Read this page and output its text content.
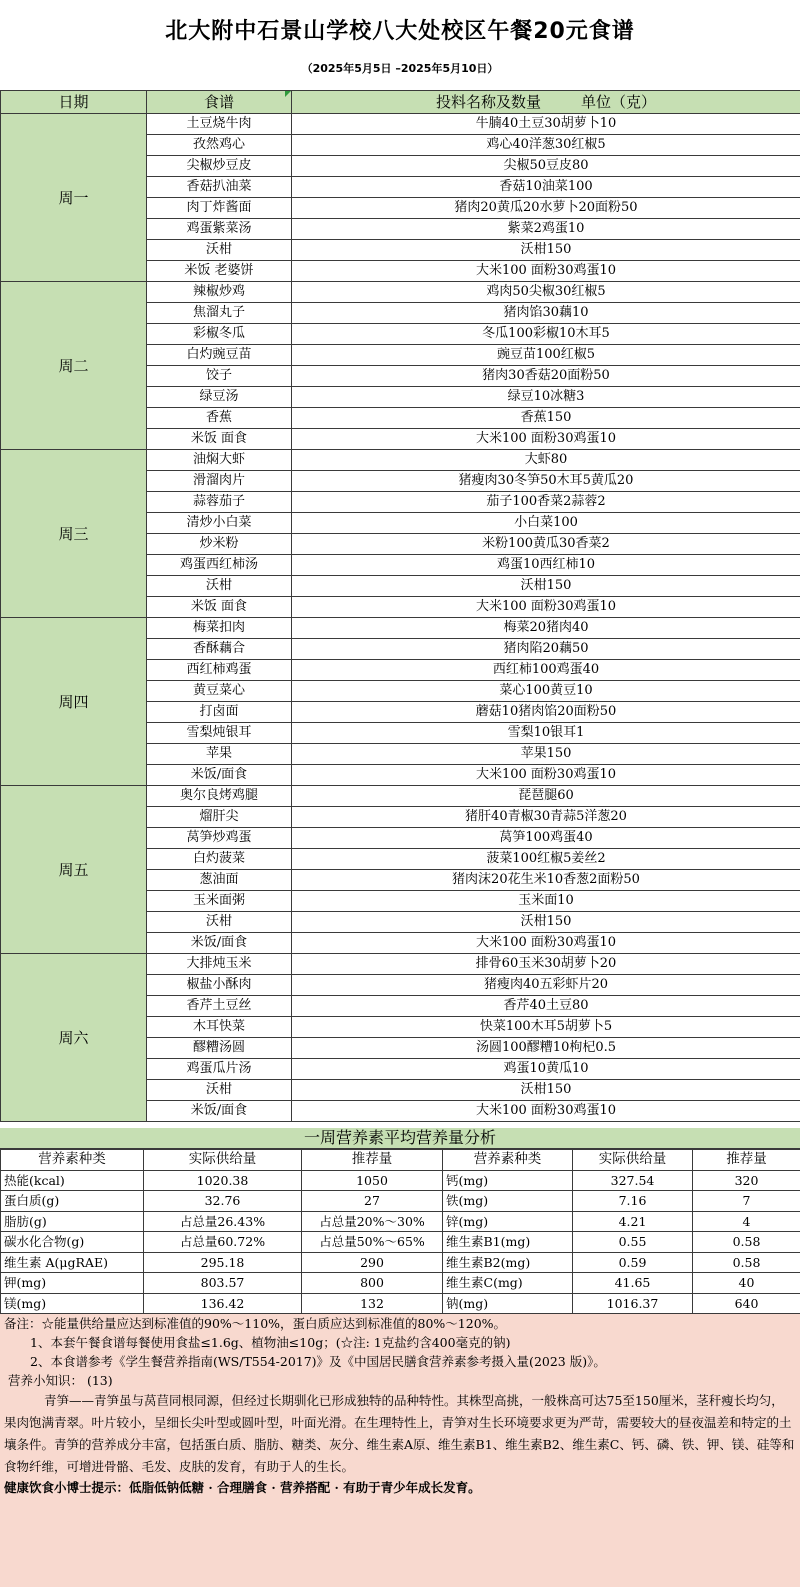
北大附中石景山学校八大处校区午餐20元食谱
（2025年5月5日 –2025年5月10日）
日期	食谱	投料名称及数量 单位（克）
周一	土豆烧牛肉	牛腩40土豆30胡萝卜10
	孜然鸡心	鸡心40洋葱30红椒5
	尖椒炒豆皮	尖椒50豆皮80
	香菇扒油菜	香菇10油菜100
	肉丁炸酱面	猪肉20黄瓜20水萝卜20面粉50
	鸡蛋紫菜汤	紫菜2鸡蛋10
	沃柑	沃柑150
	米饭 老婆饼	大米100 面粉30鸡蛋10
周二	辣椒炒鸡	鸡肉50尖椒30红椒5
	焦溜丸子	猪肉馅30藕10
	彩椒冬瓜	冬瓜100彩椒10木耳5
	白灼豌豆苗	豌豆苗100红椒5
	饺子	猪肉30香菇20面粉50
	绿豆汤	绿豆10冰糖3
	香蕉	香蕉150
	米饭 面食	大米100 面粉30鸡蛋10
周三	油焖大虾	大虾80
	滑溜肉片	猪瘦肉30冬笋50木耳5黄瓜20
	蒜蓉茄子	茄子100香菜2蒜蓉2
	清炒小白菜	小白菜100
	炒米粉	米粉100黄瓜30香菜2
	鸡蛋西红柿汤	鸡蛋10西红柿10
	沃柑	沃柑150
	米饭 面食	大米100 面粉30鸡蛋10
周四	梅菜扣肉	梅菜20猪肉40
	香酥藕合	猪肉陷20藕50
	西红柿鸡蛋	西红柿100鸡蛋40
	黄豆菜心	菜心100黄豆10
	打卤面	蘑菇10猪肉馅20面粉50
	雪梨炖银耳	雪梨10银耳1
	苹果	苹果150
	米饭/面食	大米100 面粉30鸡蛋10
周五	奥尔良烤鸡腿	琵琶腿60
	熘肝尖	猪肝40青椒30青蒜5洋葱20
	莴笋炒鸡蛋	莴笋100鸡蛋40
	白灼菠菜	菠菜100红椒5姜丝2
	葱油面	猪肉沫20花生米10香葱2面粉50
	玉米面粥	玉米面10
	沃柑	沃柑150
	米饭/面食	大米100 面粉30鸡蛋10
周六	大排炖玉米	排骨60玉米30胡萝卜20
	椒盐小酥肉	猪瘦肉40五彩虾片20
	香芹土豆丝	香芹40土豆80
	木耳快菜	快菜100木耳5胡萝卜5
	醪糟汤圆	汤圆100醪糟10枸杞0.5
	鸡蛋瓜片汤	鸡蛋10黄瓜10
	沃柑	沃柑150
	米饭/面食	大米100 面粉30鸡蛋10
一周营养素平均营养量分析
营养素种类	实际供给量	推荐量	营养素种类	实际供给量	推荐量
热能(kcal)	1020.38	1050	钙(mg)	327.54	320
蛋白质(g)	32.76	27	铁(mg)	7.16	7
脂肪(g)	占总量26.43%	占总量20%～30%	锌(mg)	4.21	4
碳水化合物(g)	占总量60.72%	占总量50%～65%	维生素B1(mg)	0.55	0.58
维生素 A(μgRAE)	295.18	290	维生素B2(mg)	0.59	0.58
钾(mg)	803.57	800	维生素C(mg)	41.65	40
镁(mg)	136.42	132	钠(mg)	1016.37	640

备注：☆能量供给量应达到标准值的90%～110%，蛋白质应达到标准值的80%～120%。

1、本套午餐食谱每餐使用食盐≤1.6g、植物油≤10g；(☆注: 1克盐约含400毫克的钠)

2、本食谱参考《学生餐营养指南(WS/T554-2017)》及《中国居民膳食营养素参考摄入量(2023 版)》。

营养小知识： (13)

青笋——青笋虽与莴苣同根同源，但经过长期驯化已形成独特的品种特性。其株型高挑，一般株高可达75至150厘米，茎秆瘦长均匀，果肉饱满青翠。叶片较小，呈细长尖叶型或圆叶型，叶面光滑。在生理特性上，青笋对生长环境要求更为严苛，需要较大的昼夜温差和特定的土壤条件。青笋的营养成分丰富，包括蛋白质、脂肪、糖类、灰分、维生素A原、维生素B1、维生素B2、维生素C、钙、磷、铁、钾、镁、硅等和食物纤维，可增进骨骼、毛发、皮肤的发育，有助于人的生长。

健康饮食小博士提示：低脂低钠低糖 · 合理膳食 · 营养搭配 · 有助于青少年成长发育。
